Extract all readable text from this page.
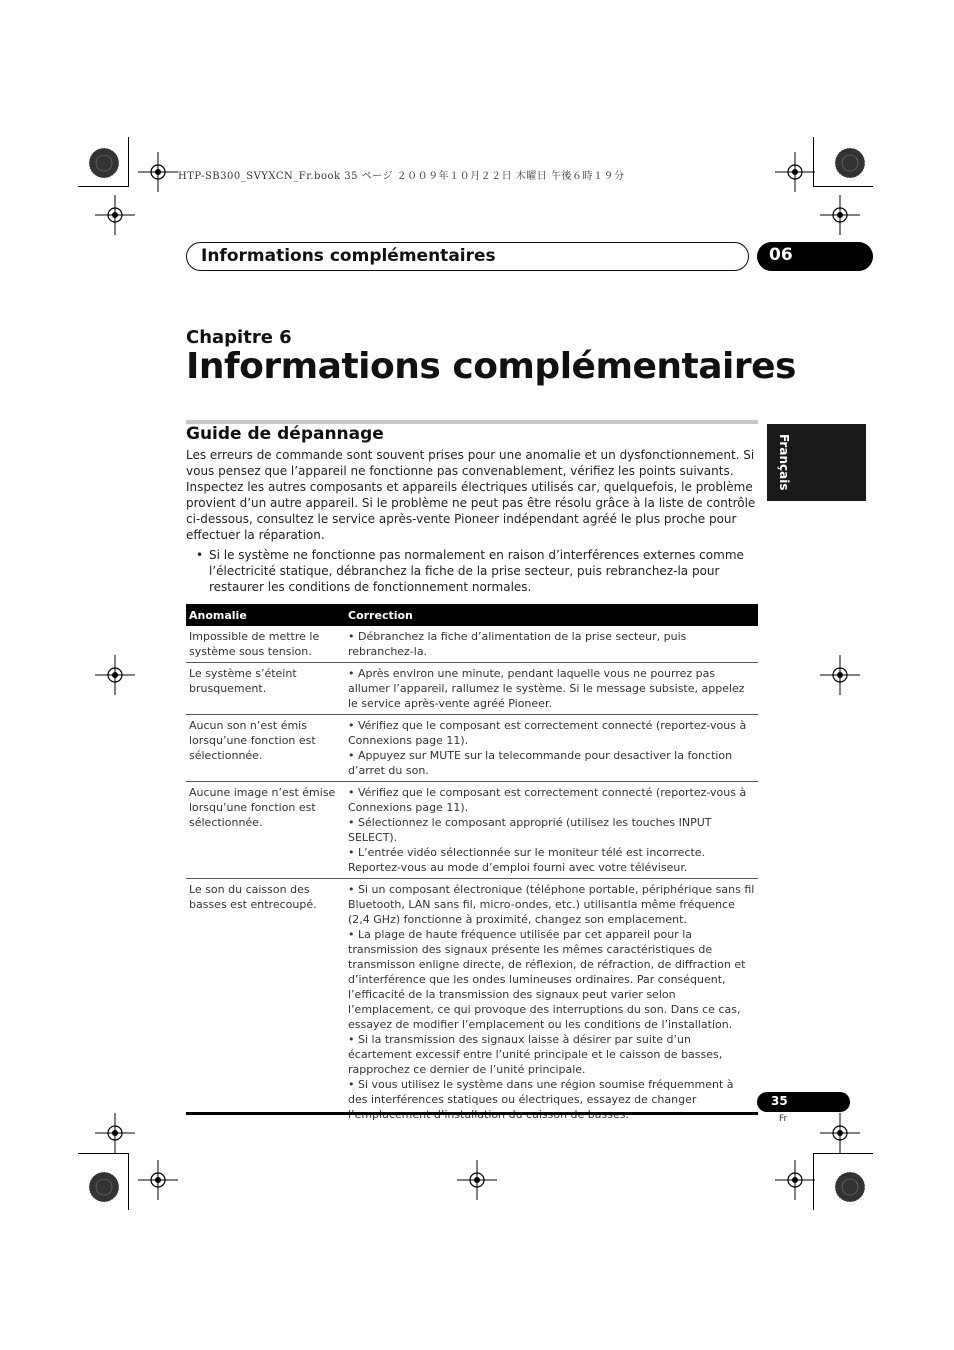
HTP-SB300_SVYXCN_Fr.book 35 ページ ２００９年１０月２２日 木曜日 午後６時１９分
Informations complémentaires	06
Chapitre 6
Informations complémentaires
Français
Guide de dépannage

Les erreurs de commande sont souvent prises pour une anomalie et un dysfonctionnement. Si vous pensez que l’appareil ne fonctionne pas convenablement, vérifiez les points suivants. Inspectez les autres composants et appareils électriques utilisés car, quelquefois, le problème provient d’un autre appareil. Si le problème ne peut pas être résolu grâce à la liste de contrôle ci-dessous, consultez le service après-vente Pioneer indépendant agréé le plus proche pour effectuer la réparation.

• Si le système ne fonctionne pas normalement en raison d’interférences externes comme l’électricité statique, débranchez la fiche de la prise secteur, puis rebranchez-la pour restaurer les conditions de fonctionnement normales.
Anomalie	Correction
Impossible de mettre le système sous tension.	• Débranchez la fiche d’alimentation de la prise secteur, puis rebranchez-la.

Le système s’éteint brusquement.	• Après environ une minute, pendant laquelle vous ne pourrez pas allumer l’appareil, rallumez le système. Si le message subsiste, appelez le service après-vente agréé Pioneer.

Aucun son n’est émis lorsqu’une fonction est sélectionnée.	• Vérifiez que le composant est correctement connecté (reportez-vous à Connexions page 11).
• Appuyez sur MUTE sur la telecommande pour desactiver la fonction d’arret du son.

Aucune image n’est émise lorsqu’une fonction est sélectionnée.	• Vérifiez que le composant est correctement connecté (reportez-vous à Connexions page 11).
• Sélectionnez le composant approprié (utilisez les touches INPUT SELECT).
• L’entrée vidéo sélectionnée sur le moniteur télé est incorrecte. Reportez-vous au mode d’emploi fourni avec votre téléviseur.

Le son du caisson des basses est entrecoupé.	• Si un composant électronique (téléphone portable, périphérique sans fil Bluetooth, LAN sans fil, micro-ondes, etc.) utilisantla même fréquence (2,4 GHz) fonctionne à proximité, changez son emplacement.
• La plage de haute fréquence utilisée par cet appareil pour la transmission des signaux présente les mêmes caractéristiques de transmisson enligne directe, de réflexion, de réfraction, de diffraction et d’interférence que les ondes lumineuses ordinaires. Par conséquent, l’efficacité de la transmission des signaux peut varier selon l’emplacement, ce qui provoque des interruptions du son. Dans ce cas, essayez de modifier l’emplacement ou les conditions de l’installation.
• Si la transmission des signaux laisse à désirer par suite d’un écartement excessif entre l’unité principale et le caisson de basses, rapprochez ce dernier de l’unité principale.
• Si vous utilisez le système dans une région soumise fréquemment à des interférences statiques ou électriques, essayez de changer	35
Fr
